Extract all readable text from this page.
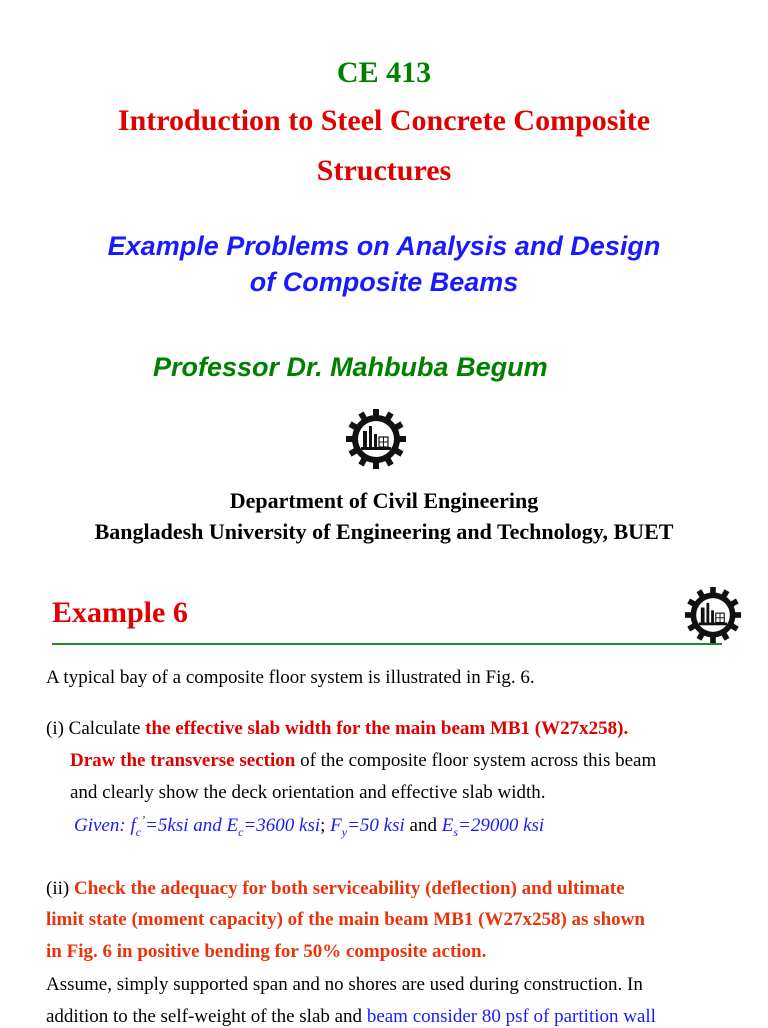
CE 413
Introduction to Steel Concrete Composite
Structures
Example Problems on Analysis and Design
of Composite Beams
Professor Dr. Mahbuba Begum
Department of Civil Engineering
Bangladesh University of Engineering and Technology, BUET
Example 6
A typical bay of a composite floor system is illustrated in Fig. 6.
(i) Calculate the effective slab width for the main beam MB1 (W27x258).
Draw the transverse section of the composite floor system across this beam
and clearly show the deck orientation and effective slab width.
Given: $f_c^’=5ksi$ and $E_c=3600$ ksi; $F_y=50$ ksi and $E_s=29000$ ksi
(ii) Check the adequacy for both serviceability (deflection) and ultimate
limit state (moment capacity) of the main beam MB1 (W27x258) as shown
in Fig. 6 in positive bending for 50% composite action.
Assume, simply supported span and no shores are used during construction. In
addition to the self-weight of the slab and beam consider 80 psf of partition wall
